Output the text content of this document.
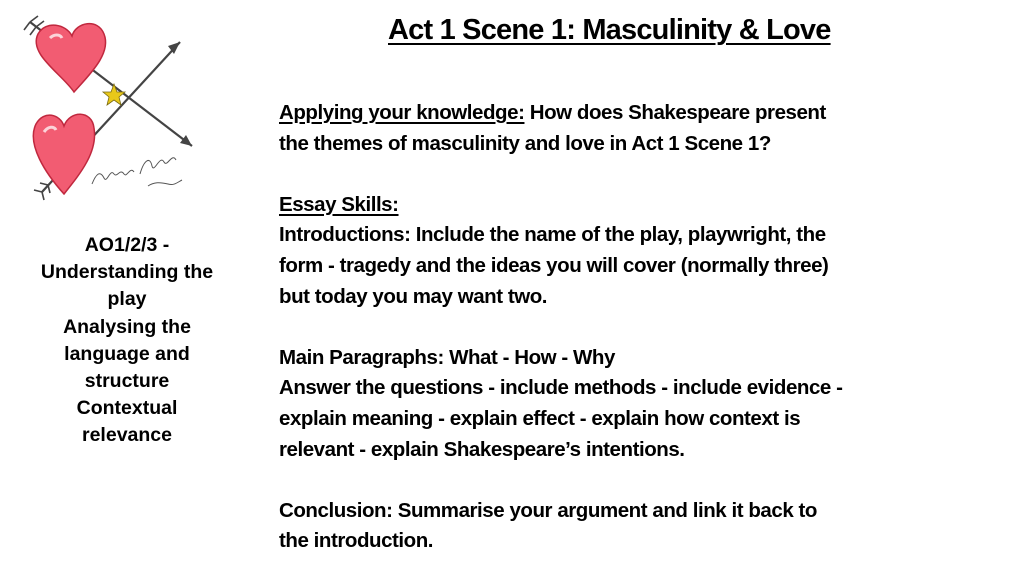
Act 1 Scene 1: Masculinity & Love
AO1/2/3 -
Understanding the
play
Analysing the
language and
structure
Contextual
relevance
Applying your knowledge: How does Shakespeare present
the themes of masculinity and love in Act 1 Scene 1?
Essay Skills:
Introductions: Include the name of the play, playwright, the
form - tragedy and the ideas you will cover (normally three)
but today you may want two.
Main Paragraphs: What - How - Why
Answer the questions - include methods - include evidence -
explain meaning - explain effect - explain how context is
relevant - explain Shakespeare’s intentions.
Conclusion: Summarise your argument and link it back to
the introduction.
